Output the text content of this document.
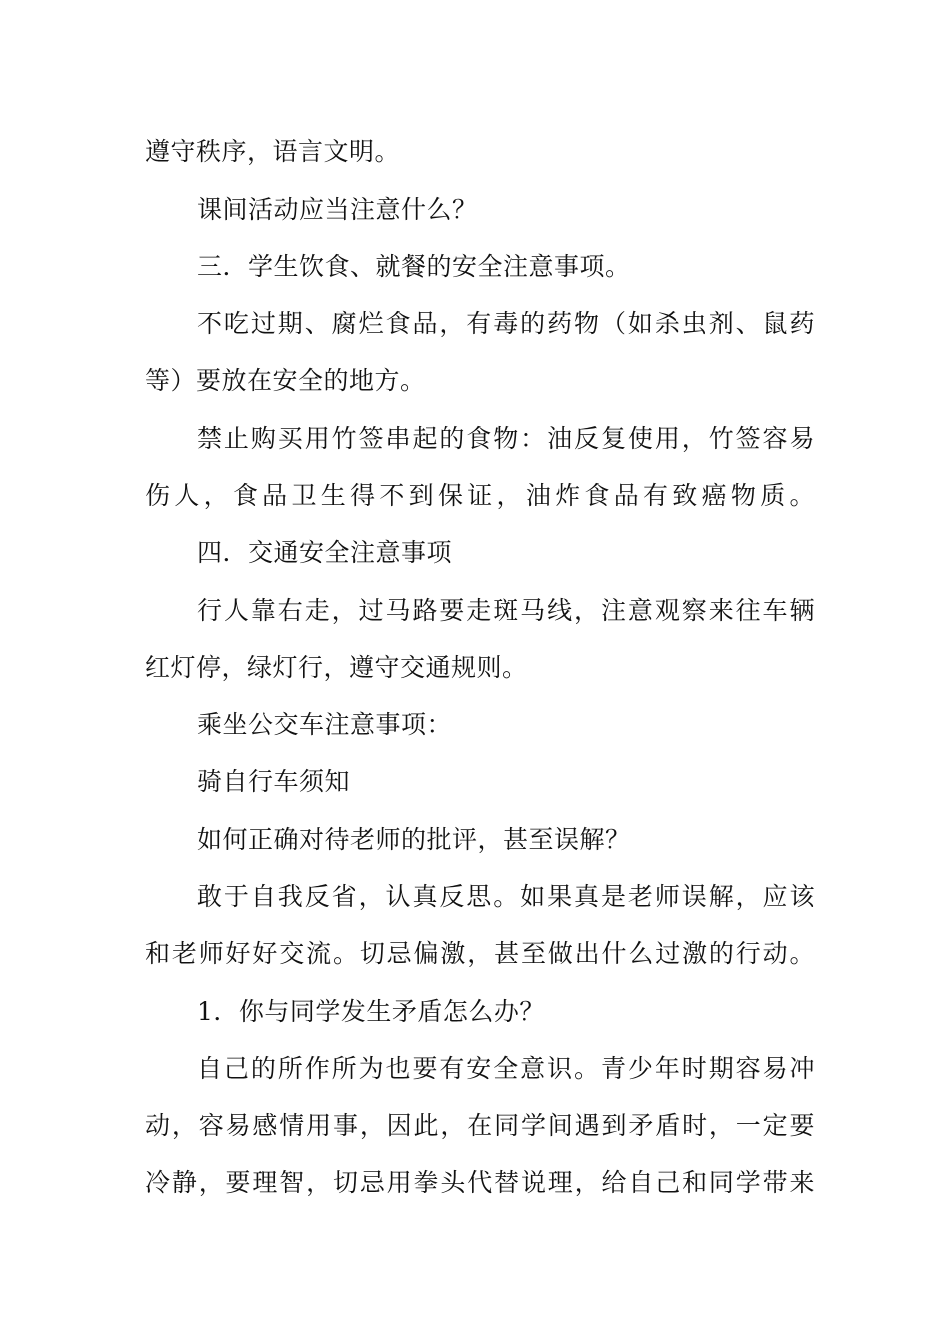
遵守秩序，语言文明。
课间活动应当注意什么？
三．学生饮食、就餐的安全注意事项。
不吃过期、腐烂食品，有毒的药物（如杀虫剂、鼠药
等）要放在安全的地方。
禁止购买用竹签串起的食物：油反复使用，竹签容易
伤人，食品卫生得不到保证，油炸食品有致癌物质。
四．交通安全注意事项
行人靠右走，过马路要走斑马线，注意观察来往车辆
红灯停，绿灯行，遵守交通规则。
乘坐公交车注意事项：
骑自行车须知
如何正确对待老师的批评，甚至误解？
敢于自我反省，认真反思。如果真是老师误解，应该
和老师好好交流。切忌偏激，甚至做出什么过激的行动。
1．你与同学发生矛盾怎么办？
自己的所作所为也要有安全意识。青少年时期容易冲
动，容易感情用事，因此，在同学间遇到矛盾时，一定要
冷静，要理智，切忌用拳头代替说理，给自己和同学带来
